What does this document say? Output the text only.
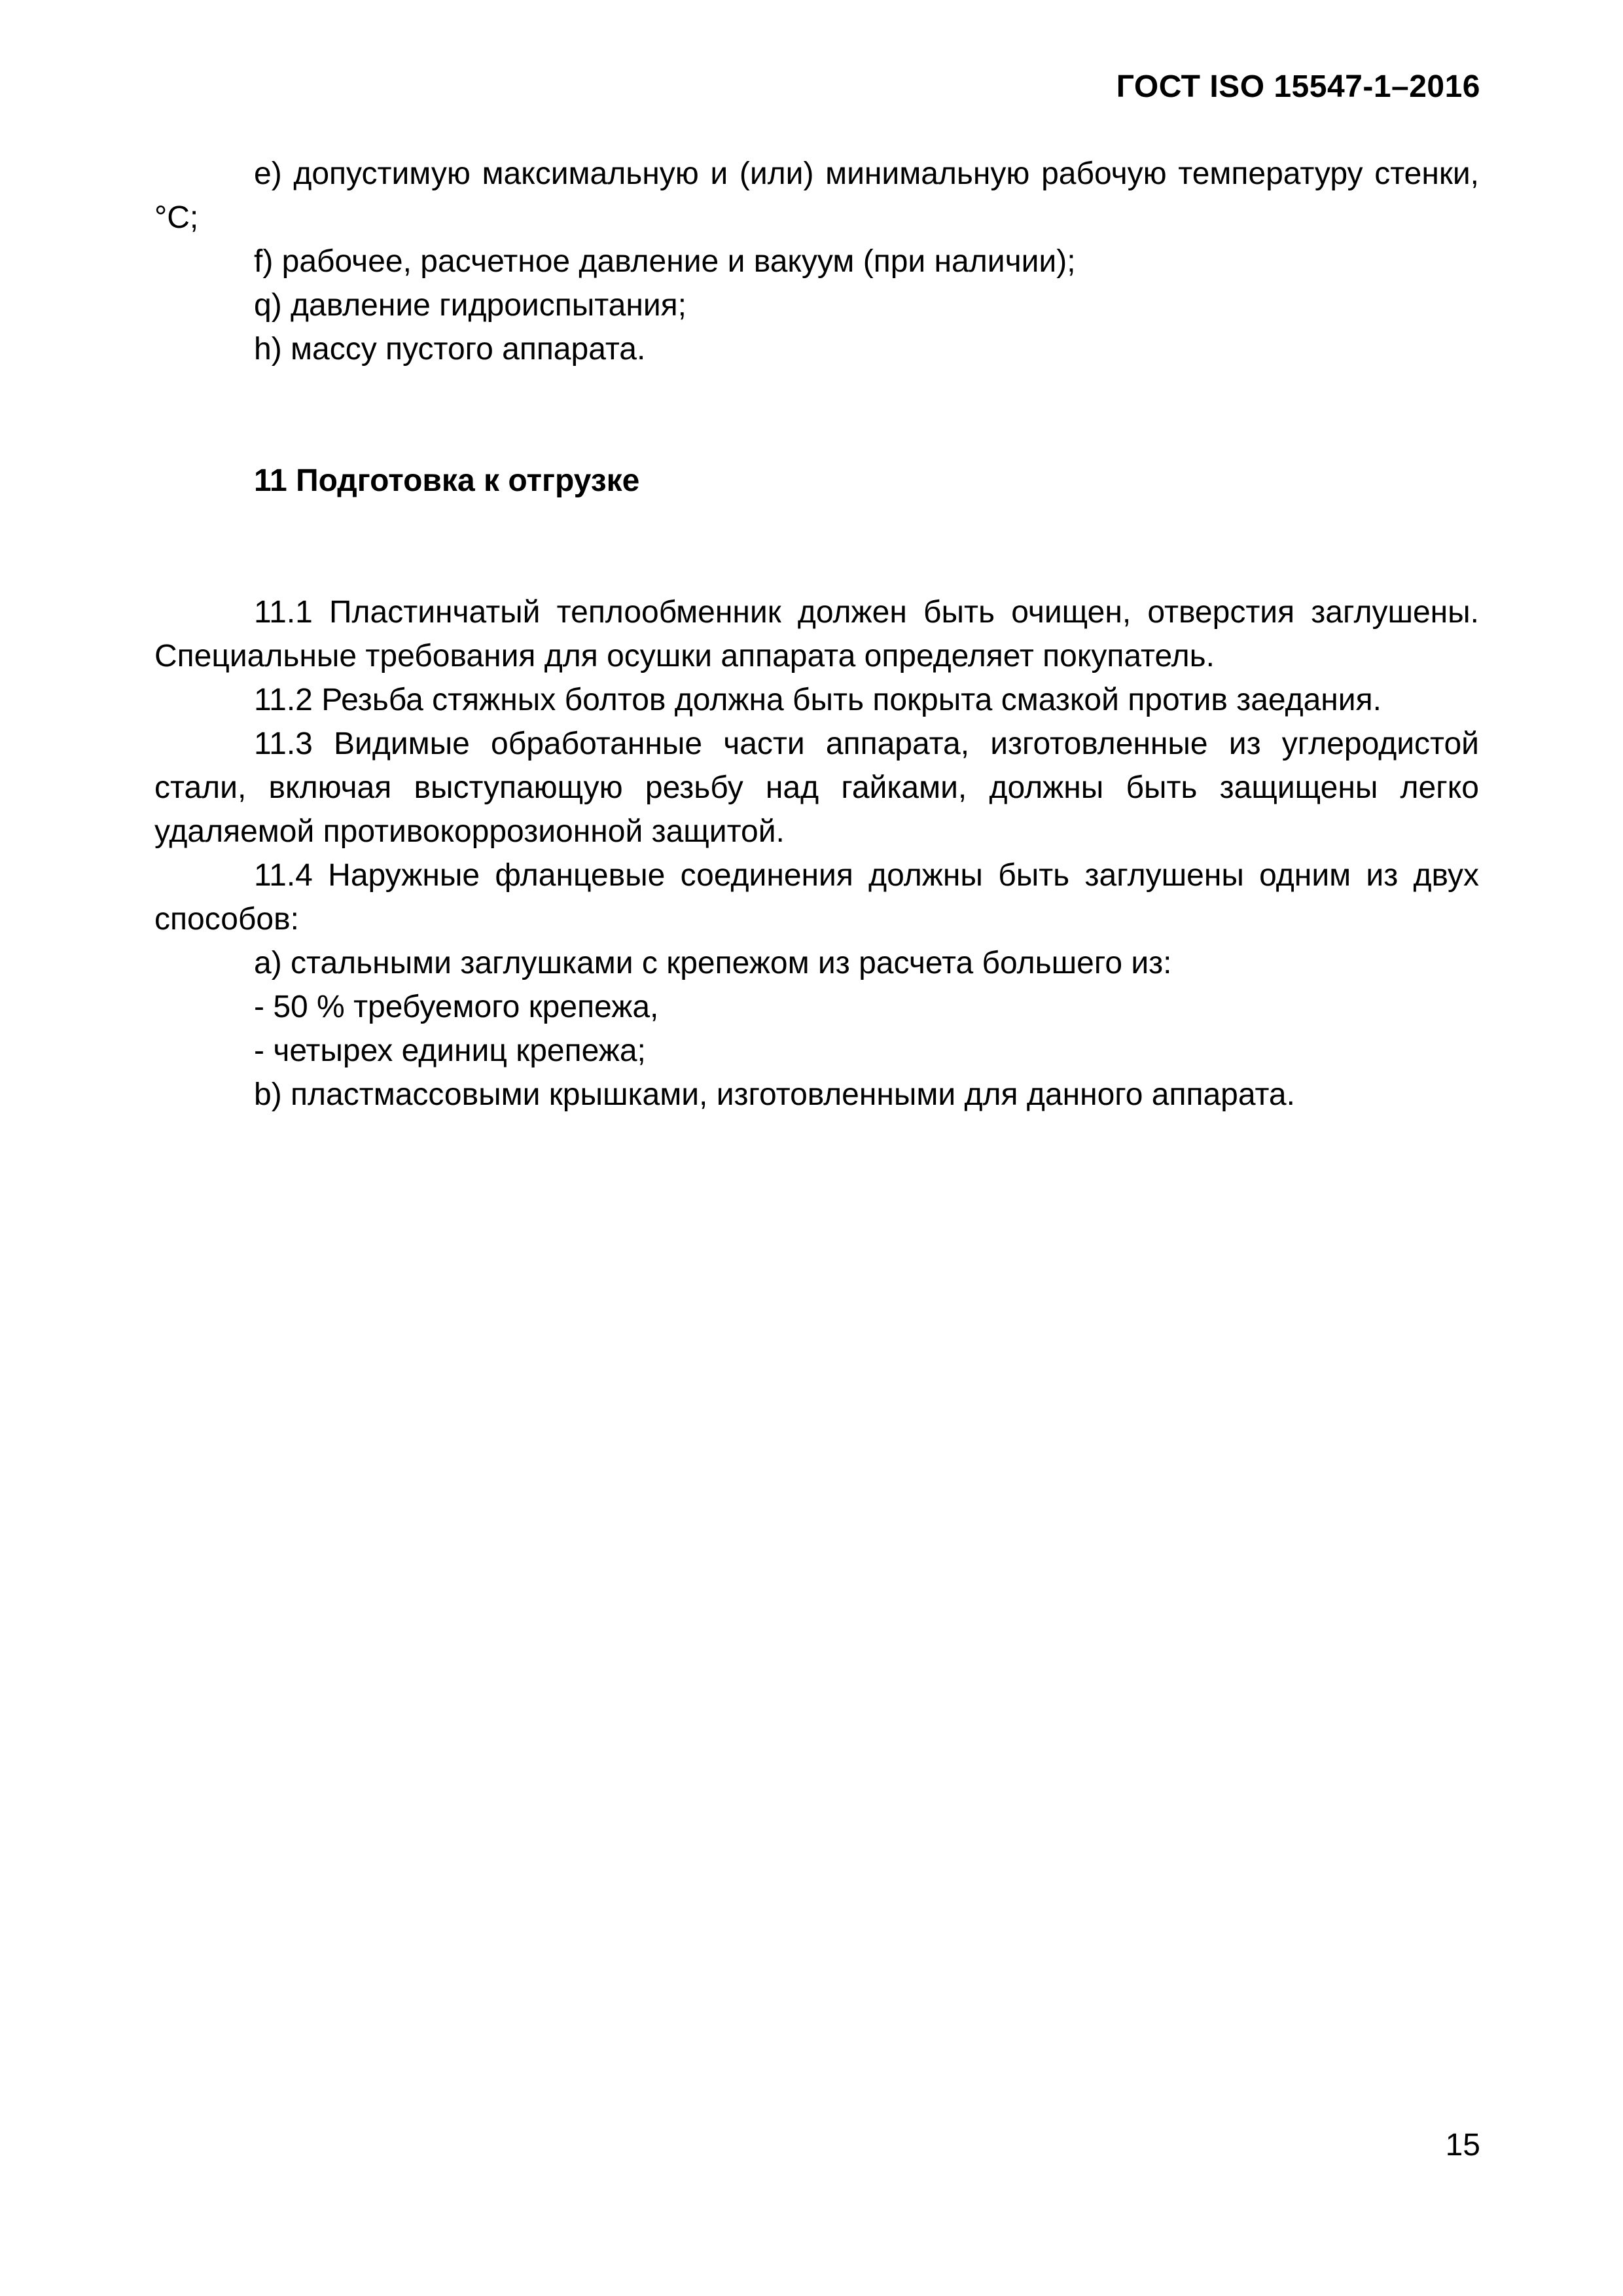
ГОСТ ISO 15547-1–2016

e) допустимую максимальную и (или) минимальную рабочую температуру стенки, °С;

f) рабочее, расчетное давление и вакуум (при наличии);

q) давление гидроиспытания;

h) массу пустого аппарата.

11 Подготовка к отгрузке

11.1 Пластинчатый теплообменник должен быть очищен, отверстия заглушены. Специальные требования для осушки аппарата определяет покупатель.

11.2 Резьба стяжных болтов должна быть покрыта смазкой против заедания.

11.3 Видимые обработанные части аппарата, изготовленные из углеродистой стали, включая выступающую резьбу над гайками, должны быть защищены легко удаляемой противокоррозионной защитой.

11.4 Наружные фланцевые соединения должны быть заглушены одним из двух способов:

а) стальными заглушками с крепежом из расчета большего из:

- 50 % требуемого крепежа,

- четырех единиц крепежа;

b) пластмассовыми крышками, изготовленными для данного аппарата.

15
